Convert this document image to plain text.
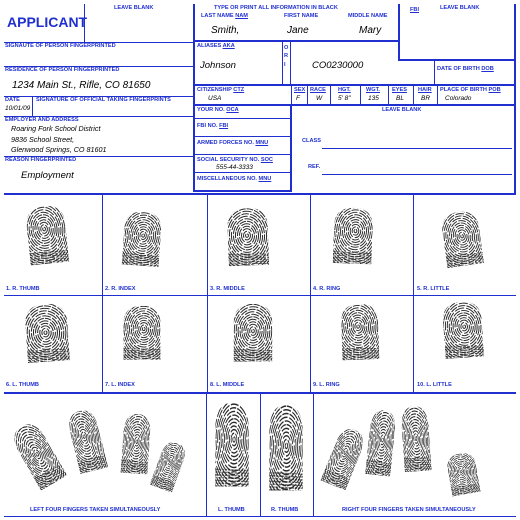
APPLICANT
LEAVE BLANK
SIGNAUTE OF PERSON FINGERPRINTED
RESIDENCE OF PERSON FINGERPRINTED
1234 Main St., Rifle, CO 81650
DATE
10/01/09
SIGNATURE OF OFFICIAL TAKING FINGERPRINTS
EMPLOYER AND ADDRESS
Roaring Fork School District
9836 School Street,
Glenwood Springs, CO 81601
REASON FINGERPRINTED
Employment
TYPE OR PRINT ALL INFORMATION IN BLACK
LAST NAME NAM	FIRST NAME	MIDDLE NAME
Smith,	Jane	Mary
FBI	LEAVE BLANK
ALIASES AKA
Johnson
ORI	CO0230000	DATE OF BIRTH DOB
CITIZENSHIP CTZ
USA
SEX
F
RACE
W
HGT.
5' 8"
WGT.
135
EYES
BL
HAIR
BR
PLACE OF BIRTH POB
Colorado
YOUR NO. OCA
FBI NO. FBI
ARMED FORCES NO. MNU
SOCIAL SECURITY NO. SOC
555-44-3333
MISCELLANEOUS NO. MNU
LEAVE BLANK
CLASS
REF.
1. R. THUMB	2. R. INDEX	3. R. MIDDLE	4. R. RING	5. R. LITTLE
6. L. THUMB	7. L. INDEX	8. L. MIDDLE	9. L. RING	10. L. LITTLE
LEFT FOUR FINGERS TAKEN SIMULTANEOUSLY	L. THUMB	R. THUMB	RIGHT FOUR FINGERS TAKEN SIMULTANEOUSLY
